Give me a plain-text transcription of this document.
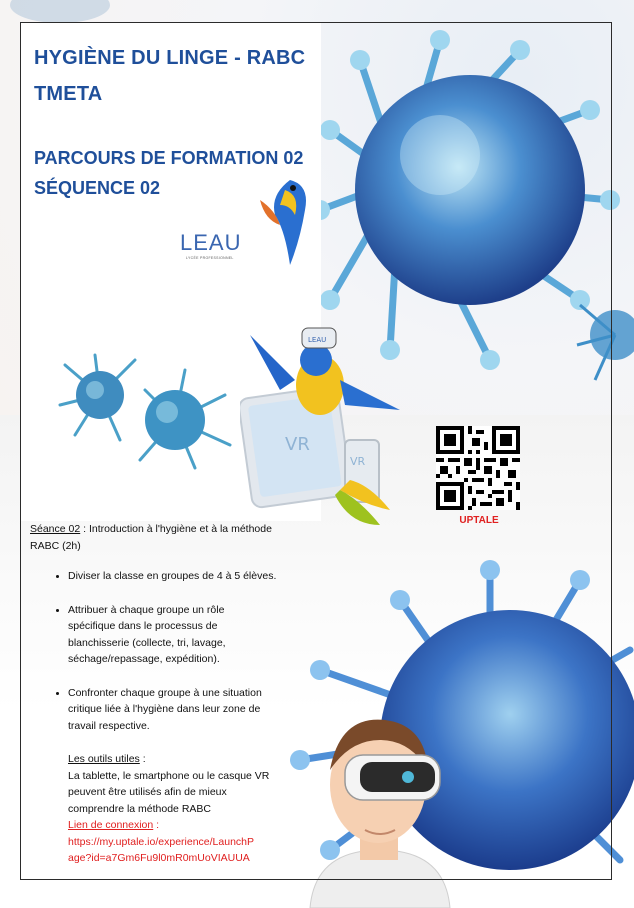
VR
VR
LEAU
HYGIÈNE DU LINGE - RABC
TMETA
PARCOURS DE FORMATION 02
SÉQUENCE 02
LEAU
LYCÉE PROFESSIONNEL
UPTALE

Séance 02 : Introduction à l'hygiène et à la méthode
RABC (2h)

• Diviser la classe en groupes de 4 à 5 élèves.
• Attribuer à chaque groupe un rôle
spécifique dans le processus de
blanchisserie (collecte, tri, lavage,
séchage/repassage, expédition).
• Confronter chaque groupe à une situation
critique liée à l'hygiène dans leur zone de
travail respective.
Les outils utiles :
La tablette, le smartphone ou le casque VR
peuvent être utilisés afin de mieux
comprendre la méthode RABC
Lien de connexion :
https://my.uptale.io/experience/LaunchP
age?id=a7Gm6Fu9l0mR0mUoVIAUUA
